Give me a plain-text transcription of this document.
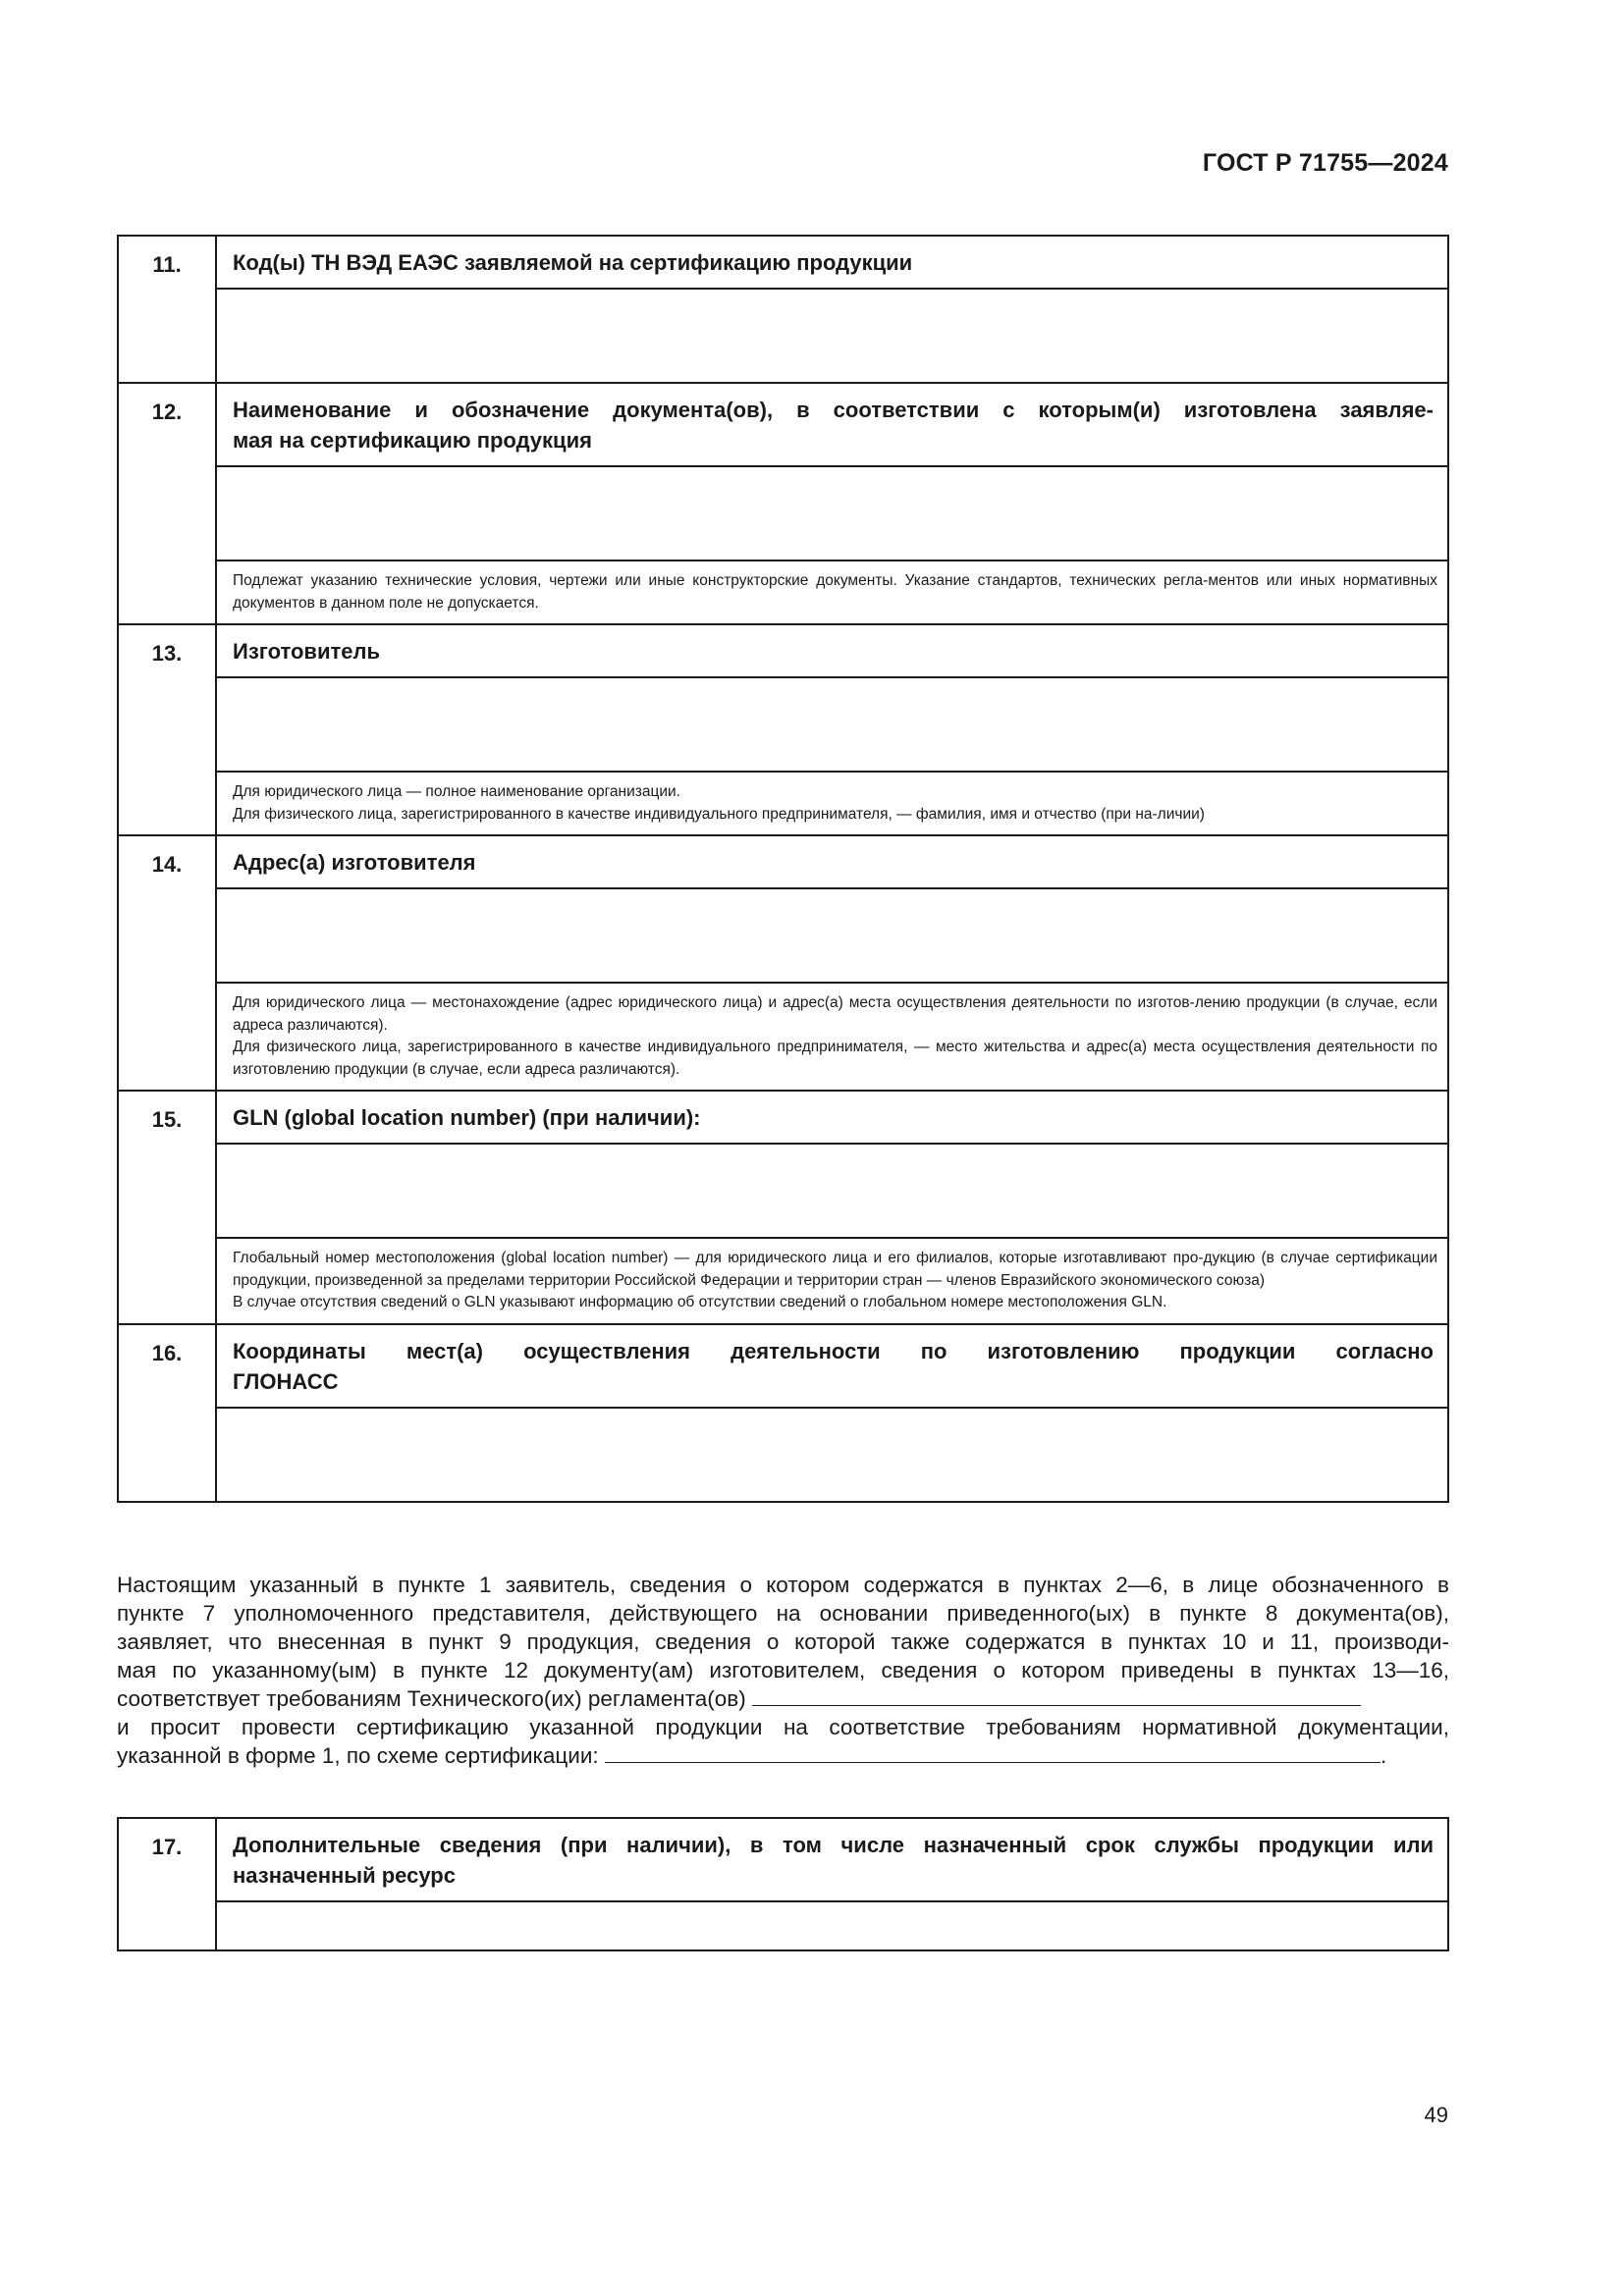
ГОСТ Р 71755—2024
11.	Код(ы) ТН ВЭД ЕАЭС заявляемой на сертификацию продукции

12.	Наименование и обозначение документа(ов), в соответствии с которым(и) изготовлена заявляе-
мая на сертификацию продукция

	Подлежат указанию технические условия, чертежи или иные конструкторские документы. Указание стандартов, технических регла-ментов или иных нормативных документов в данном поле не допускается.

13.	Изготовитель

	Для юридического лица — полное наименование организации.
Для физического лица, зарегистрированного в качестве индивидуального предпринимателя, — фамилия, имя и отчество (при на-личии)

14.	Адрес(а) изготовителя

	Для юридического лица — местонахождение (адрес юридического лица) и адрес(а) места осуществления деятельности по изготов-лению продукции (в случае, если адреса различаются).
Для физического лица, зарегистрированного в качестве индивидуального предпринимателя, — место жительства и адрес(а) места осуществления деятельности по изготовлению продукции (в случае, если адреса различаются).

15.	GLN (global location number) (при наличии):

	Глобальный номер местоположения (global location number) — для юридического лица и его филиалов, которые изготавливают про-дукцию (в случае сертификации продукции, произведенной за пределами территории Российской Федерации и территории стран — членов Евразийского экономического союза)
В случае отсутствия сведений о GLN указывают информацию об отсутствии сведений о глобальном номере местоположения GLN.

16.	Координаты мест(а) осуществления деятельности по изготовлению продукции согласно
ГЛОНАСС

Настоящим указанный в пункте 1 заявитель, сведения о котором содержатся в пунктах 2—6, в лице обозначенного в
пункте 7 уполномоченного представителя, действующего на основании приведенного(ых) в пункте 8 документа(ов),
заявляет, что внесенная в пункт 9 продукция, сведения о которой также содержатся в пунктах 10 и 11, производи-
мая по указанному(ым) в пункте 12 документу(ам) изготовителем, сведения о котором приведены в пунктах 13—16,
соответствует требованиям Технического(их) регламента(ов)
и просит провести сертификацию указанной продукции на соответствие требованиям нормативной документации,
указанной в форме 1, по схеме сертификации:	.
17.	Дополнительные сведения (при наличии), в том числе назначенный срок службы продукции или
назначенный ресурс

49
